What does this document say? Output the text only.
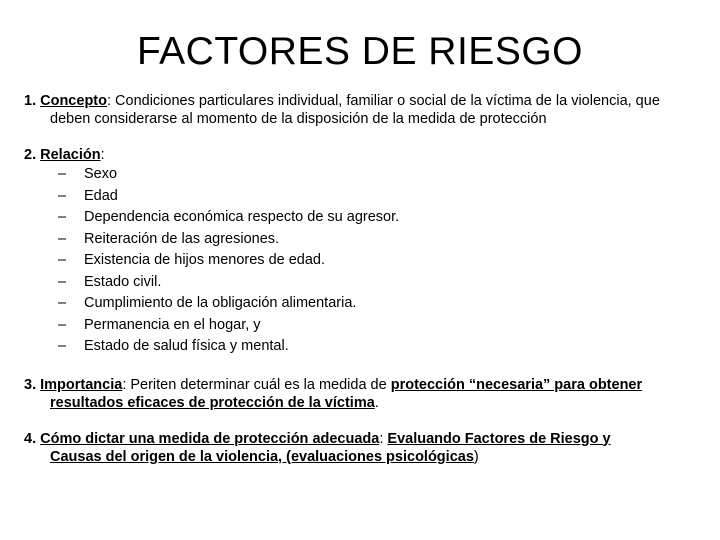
FACTORES DE RIESGO

1. Concepto: Condiciones particulares individual, familiar o social de la víctima de la violencia, que deben considerarse al momento de la disposición de la medida de protección

2. Relación:

– Sexo
– Edad
– Dependencia económica respecto de su agresor.
– Reiteración de las agresiones.
– Existencia de hijos menores de edad.
– Estado civil.
– Cumplimiento de la obligación alimentaria.
– Permanencia en el hogar, y
– Estado de salud física y mental.

3. Importancia: Periten determinar cuál es la medida de protección “necesaria” para obtener resultados eficaces de protección de la víctima.

4. Cómo dictar una medida de protección adecuada: Evaluando Factores de Riesgo y Causas del origen de la violencia, (evaluaciones psicológicas)
